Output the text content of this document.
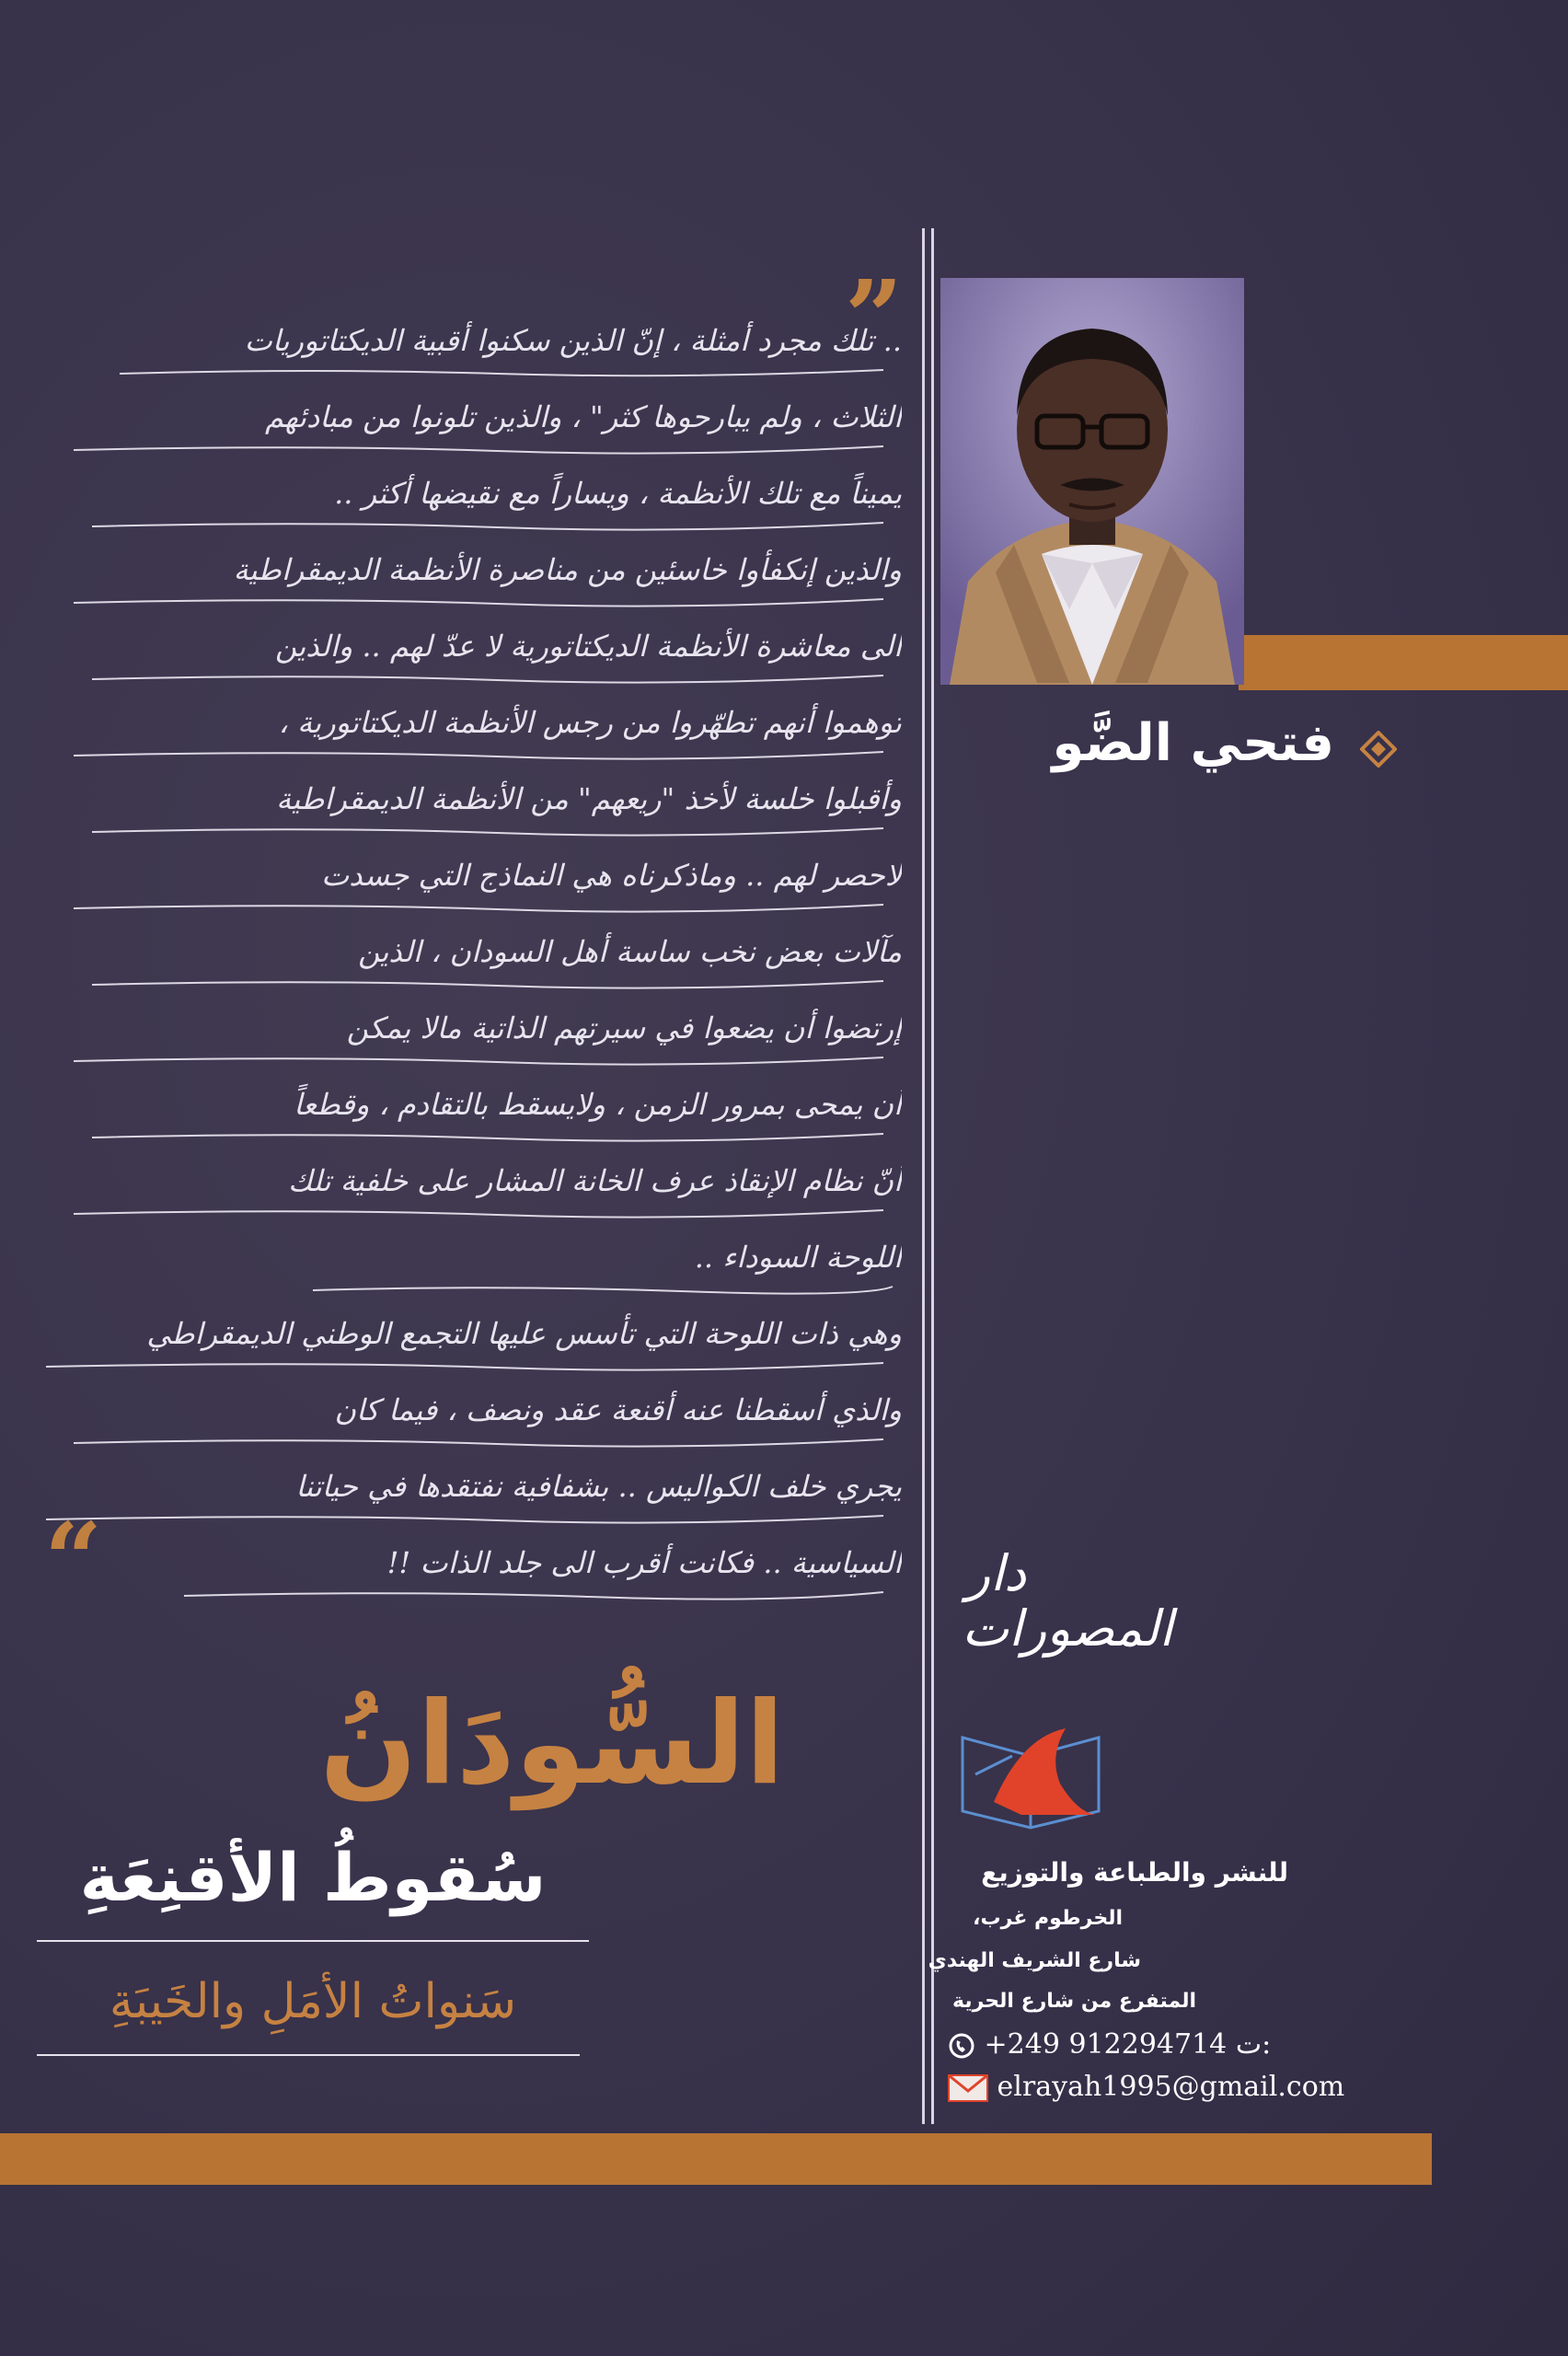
فتحي الضَّو
”
“
.. تلك مجرد أمثلة ، إنّ الذين سكنوا أقبية الديكتاتوريات
الثلاث ، ولم يبارحوها كثر" ، والذين تلونوا من مبادئهم
يميناً مع تلك الأنظمة ، ويساراً مع نقيضها أكثر ..
والذين إنكفأوا خاسئين من مناصرة الأنظمة الديمقراطية
الى معاشرة الأنظمة الديكتاتورية لا عدّ لهم .. والذين
توهموا أنهم تطهّروا من رجس الأنظمة الديكتاتورية ،
وأقبلوا خلسة لأخذ "ريعهم" من الأنظمة الديمقراطية
لاحصر لهم .. وماذكرناه هي النماذج التي جسدت
مآلات بعض نخب ساسة أهل السودان ، الذين
إرتضوا أن يضعوا في سيرتهم الذاتية مالا يمكن
أن يمحى بمرور الزمن ، ولايسقط بالتقادم ، وقطعاً
أنّ نظام الإنقاذ عرف الخانة المشار على خلفية تلك
اللوحة السوداء ..
وهي ذات اللوحة التي تأسس عليها التجمع الوطني الديمقراطي
والذي أسقطنا عنه أقنعة عقد ونصف ، فيما كان
يجري خلف الكواليس .. بشفافية نفتقدها في حياتنا
السياسية .. فكانت أقرب الى جلد الذات !!
السُّودَانُ
سُقوطُ الأقنِعَةِ
سَنواتُ الأمَلِ والخَيبَةِ
دار
المصورات
للنشر والطباعة والتوزيع
الخرطوم غرب،
شارع الشريف الهندي
المتفرع من شارع الحرية
+249 912294714 ت:
elrayah1995@gmail.com
